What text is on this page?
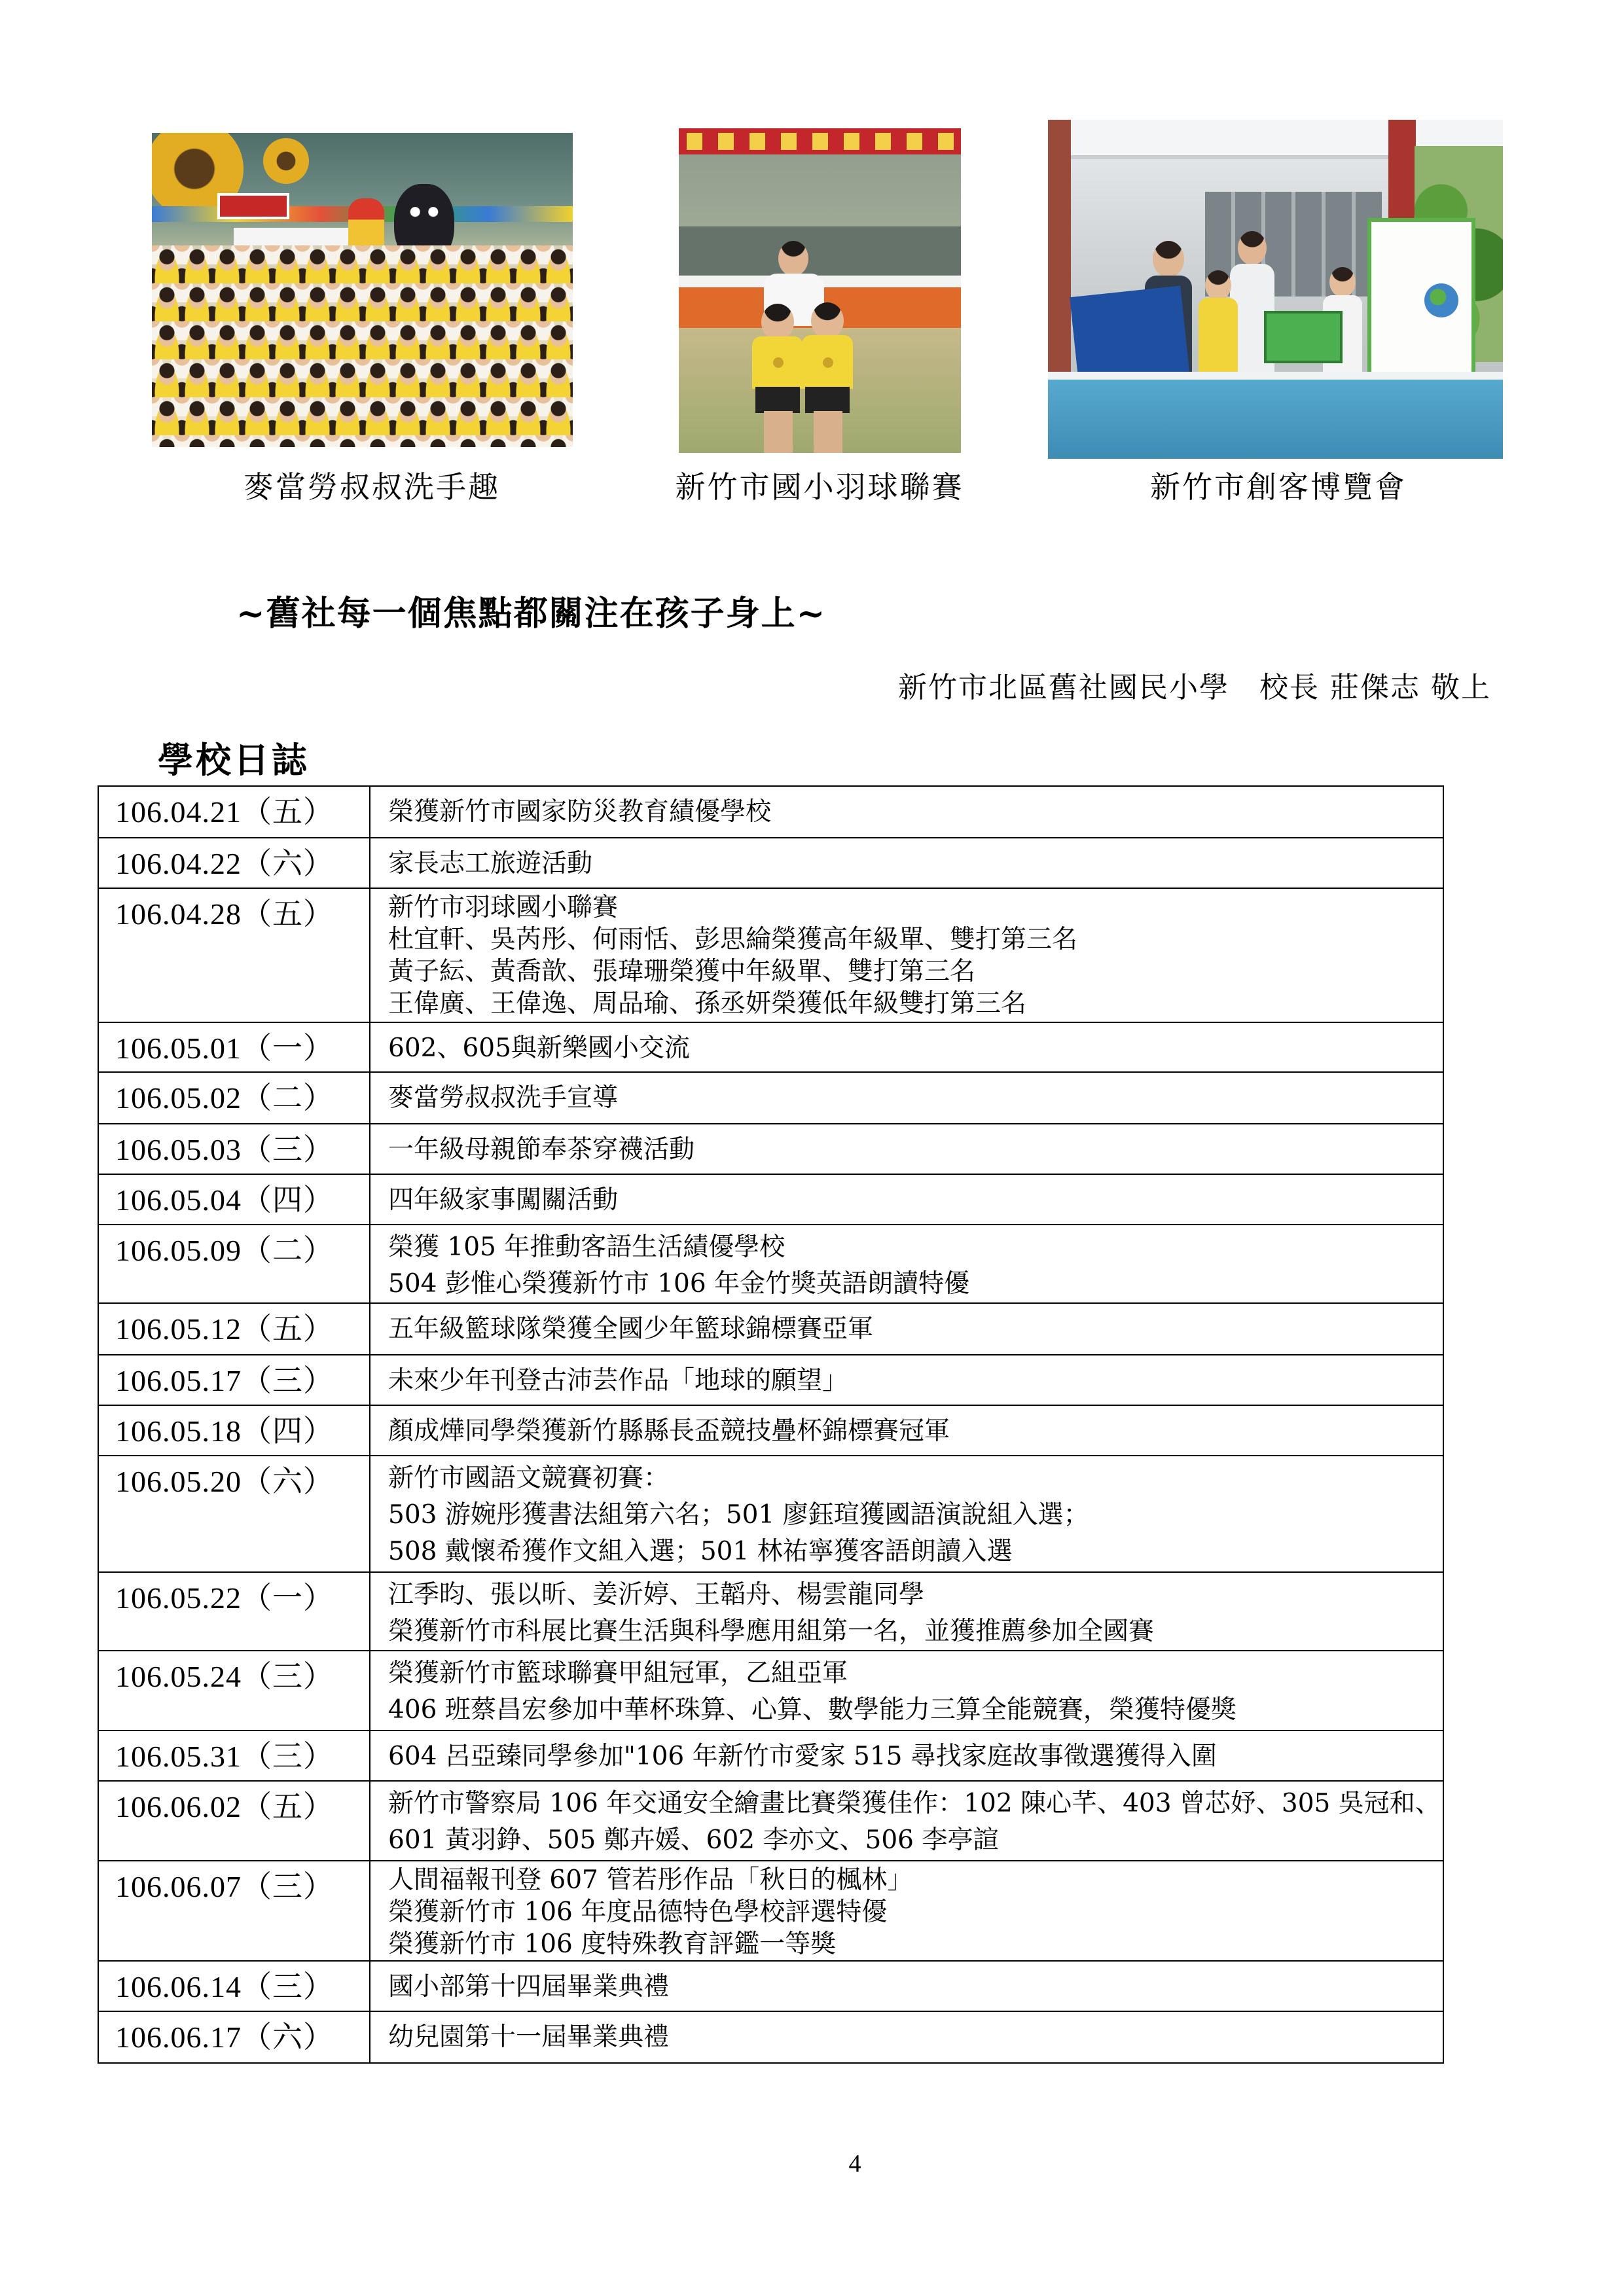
麥當勞叔叔洗手趣	新竹市國小羽球聯賽	新竹市創客博覽會
~舊社每一個焦點都關注在孩子身上~
新竹市北區舊社國民小學　校長 莊傑志 敬上
學校日誌
106.04.21（五）	榮獲新竹市國家防災教育績優學校

106.04.22（六）	家長志工旅遊活動

106.04.28（五）	新竹市羽球國小聯賽
杜宜軒、吳芮彤、何雨恬、彭思綸榮獲高年級單、雙打第三名
黃子紜、黃喬歆、張瑋珊榮獲中年級單、雙打第三名
王偉廣、王偉逸、周品瑜、孫丞妍榮獲低年級雙打第三名

106.05.01（一）	602、605與新樂國小交流

106.05.02（二）	麥當勞叔叔洗手宣導

106.05.03（三）	一年級母親節奉茶穿襪活動

106.05.04（四）	四年級家事闖關活動

106.05.09（二）	榮獲 105 年推動客語生活績優學校
504 彭惟心榮獲新竹市 106 年金竹獎英語朗讀特優

106.05.12（五）	五年級籃球隊榮獲全國少年籃球錦標賽亞軍

106.05.17（三）	未來少年刊登古沛芸作品「地球的願望」

106.05.18（四）	顏成燁同學榮獲新竹縣縣長盃競技疊杯錦標賽冠軍

106.05.20（六）	新竹市國語文競賽初賽：
503 游婉彤獲書法組第六名；501 廖鈺瑄獲國語演說組入選；
508 戴懷希獲作文組入選；501 林祐寧獲客語朗讀入選

106.05.22（一）	江季昀、張以昕、姜沂婷、王韜舟、楊雲龍同學
榮獲新竹市科展比賽生活與科學應用組第一名，並獲推薦參加全國賽

106.05.24（三）	榮獲新竹市籃球聯賽甲組冠軍，乙組亞軍
406 班蔡昌宏參加中華杯珠算、心算、數學能力三算全能競賽，榮獲特優獎

106.05.31（三）	604 呂亞臻同學參加"106 年新竹市愛家 515 尋找家庭故事徵選獲得入圍

106.06.02（五）	新竹市警察局 106 年交通安全繪畫比賽榮獲佳作：102 陳心芊、403 曾芯妤、305 吳冠和、
601 黃羽錚、505 鄭卉媛、602 李亦文、506 李亭諠

106.06.07（三）	人間福報刊登 607 管若彤作品「秋日的楓林」
榮獲新竹市 106 年度品德特色學校評選特優
榮獲新竹市 106 度特殊教育評鑑一等獎

106.06.14（三）	國小部第十四屆畢業典禮

106.06.17（六）	幼兒園第十一屆畢業典禮
4
